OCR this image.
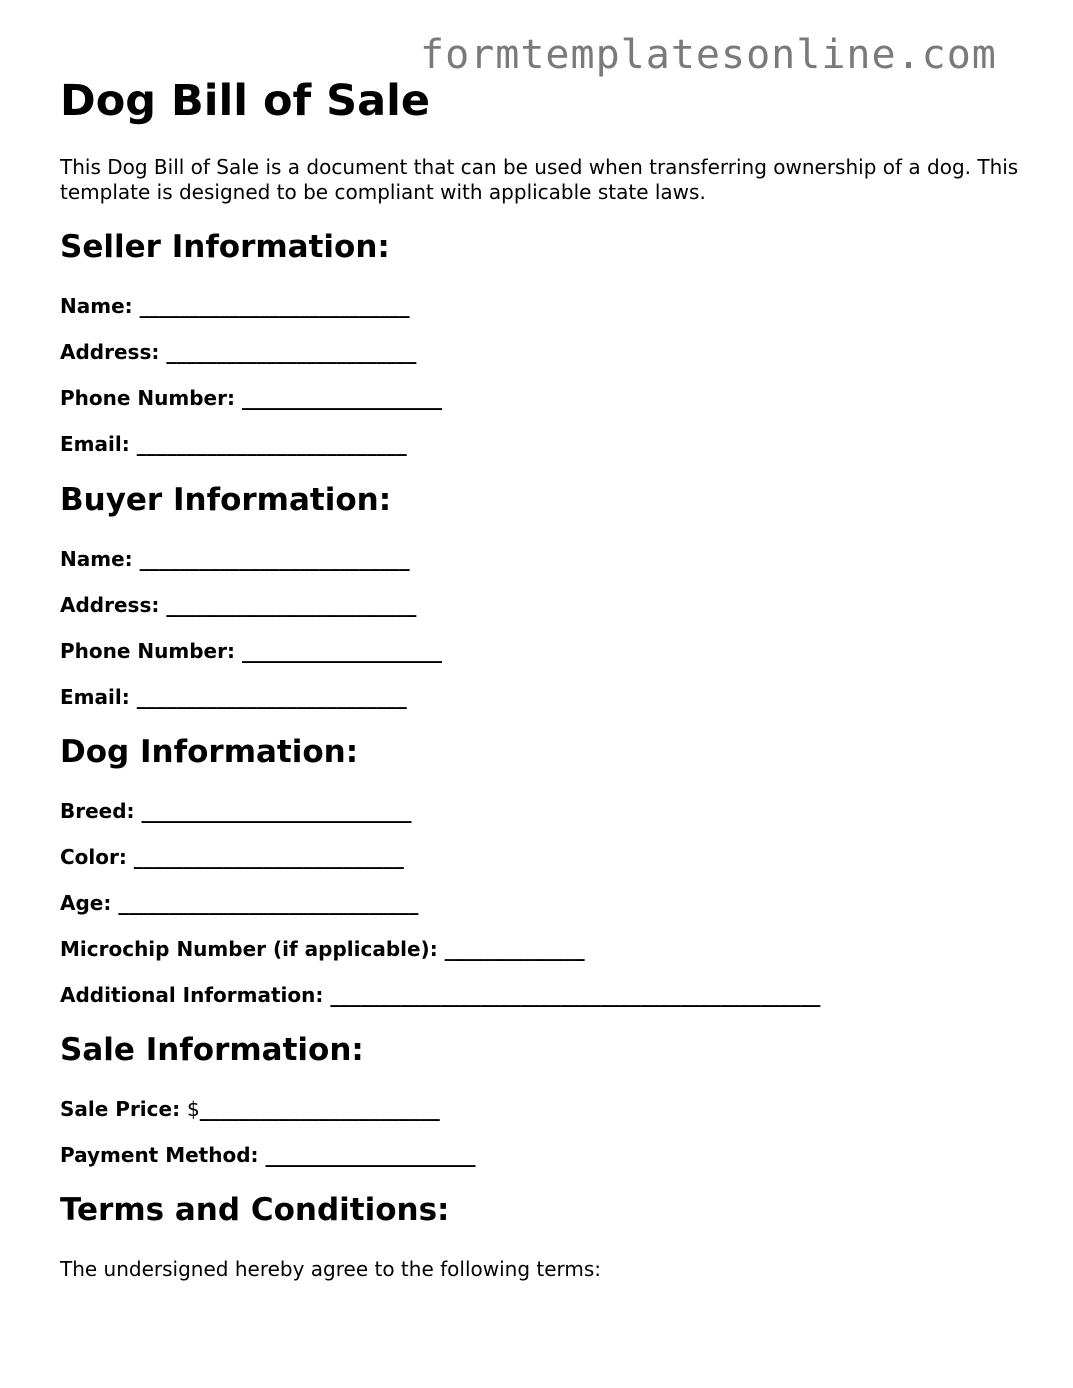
formtemplatesonline.com
Dog Bill of Sale

This Dog Bill of Sale is a document that can be used when transferring ownership of a dog. This template is designed to be compliant with applicable state laws.

Seller Information:
Name: ___________________________
Address: _________________________
Phone Number: ____________________
Email: ___________________________
Buyer Information:
Name: ___________________________
Address: _________________________
Phone Number: ____________________
Email: ___________________________
Dog Information:
Breed: ___________________________
Color: ___________________________
Age: ______________________________
Microchip Number (if applicable): ______________
Additional Information: _________________________________________________
Sale Information:
Sale Price: $________________________
Payment Method: _____________________
Terms and Conditions:

The undersigned hereby agree to the following terms:
